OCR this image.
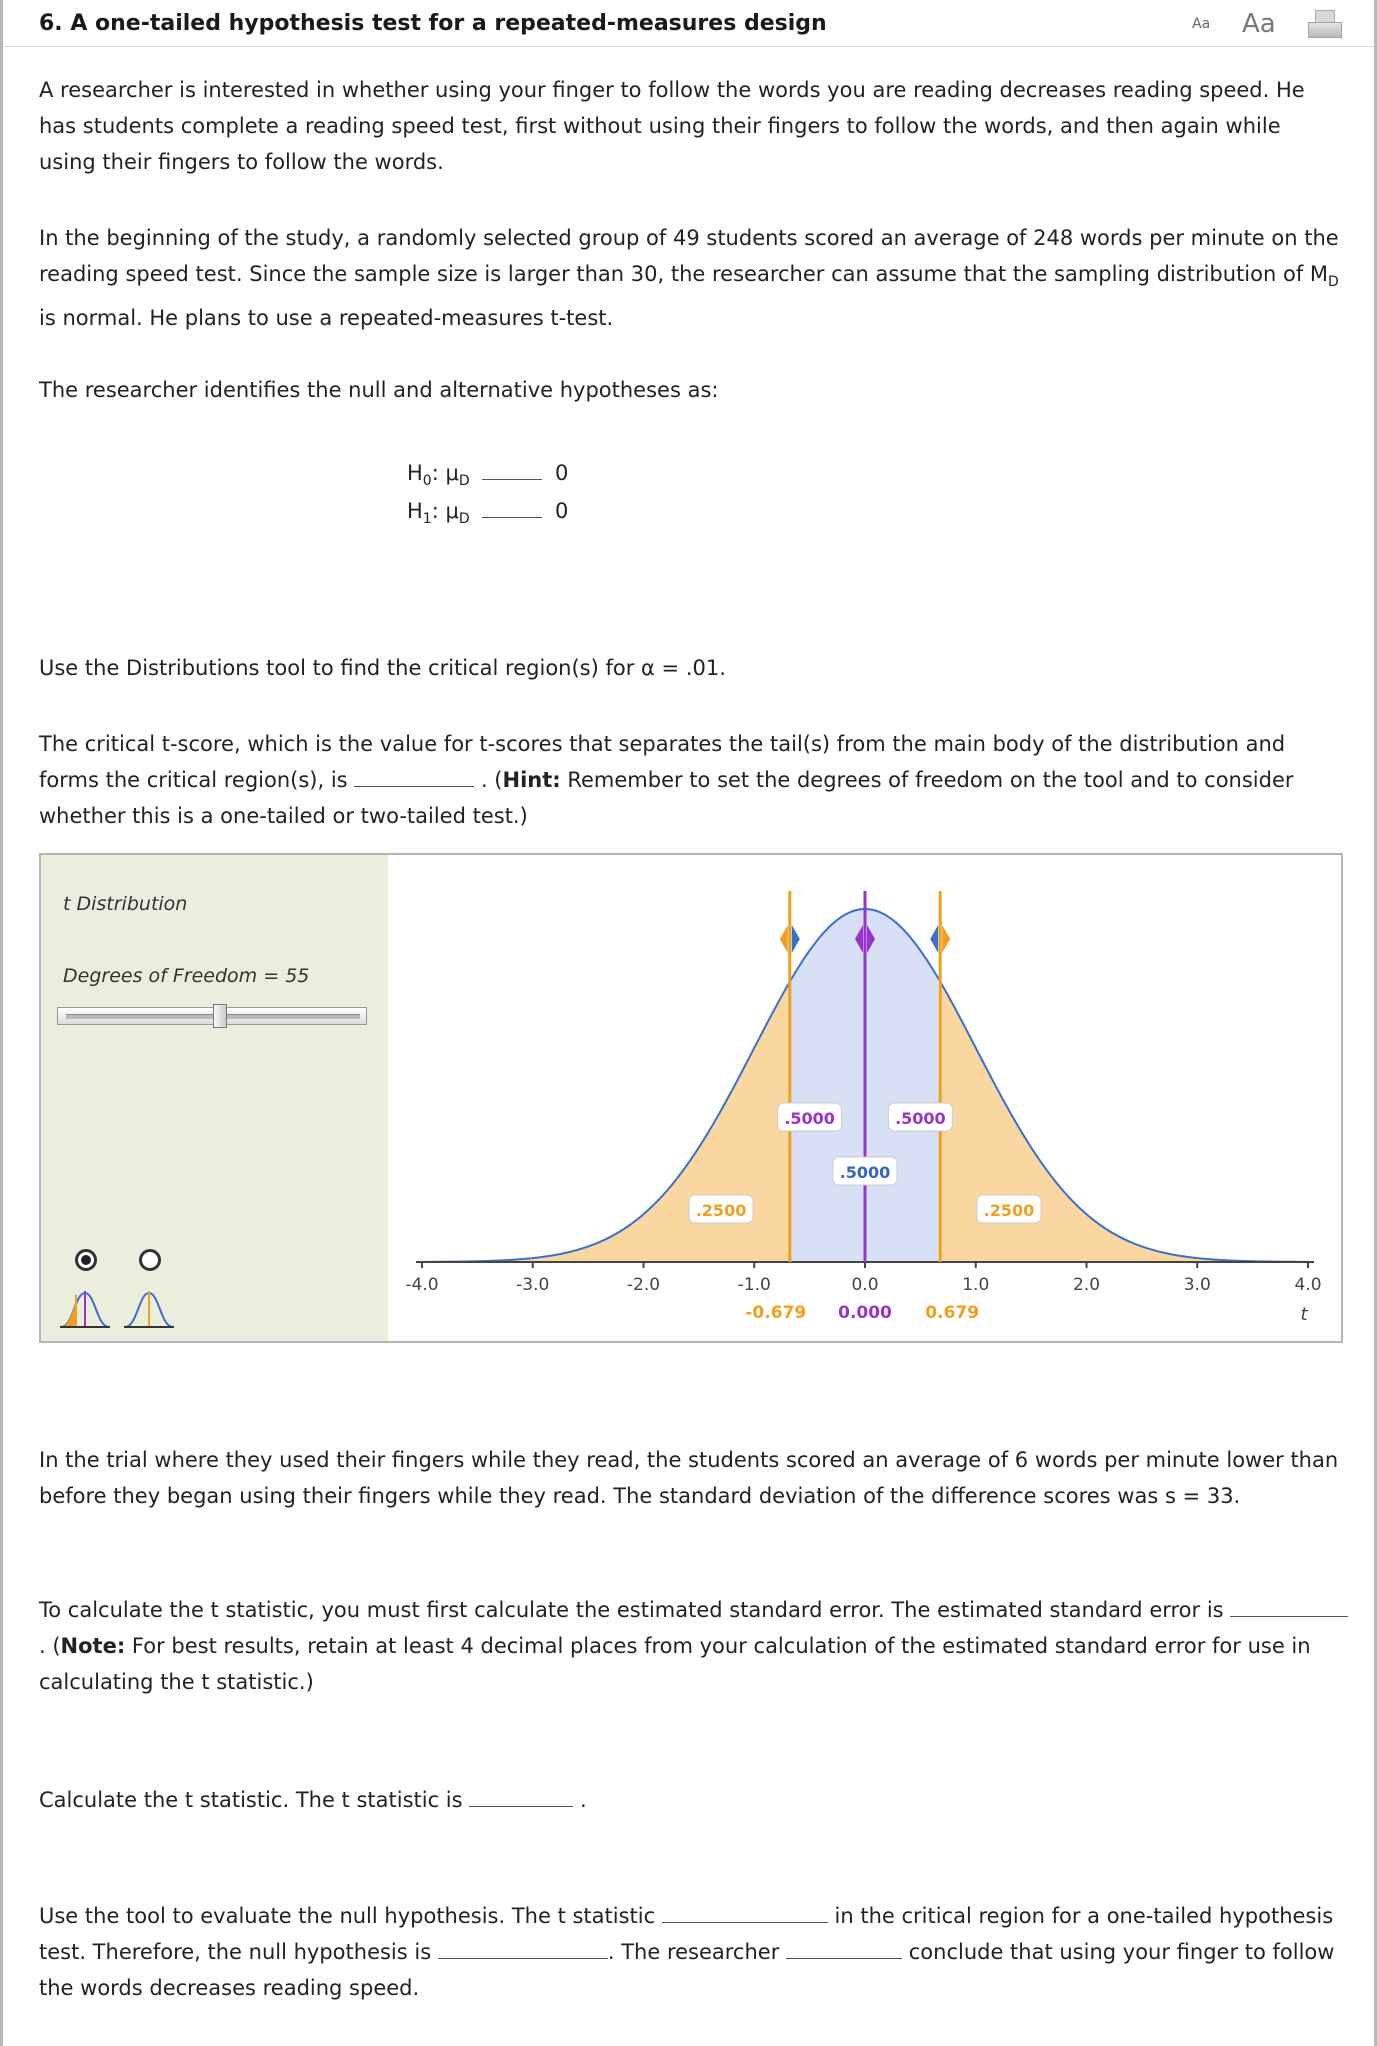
6. A one-tailed hypothesis test for a repeated-measures design	Aa Aa

A researcher is interested in whether using your finger to follow the words you are reading decreases reading speed. He has students complete a reading speed test, first without using their fingers to follow the words, and then again while using their fingers to follow the words.

In the beginning of the study, a randomly selected group of 49 students scored an average of 248 words per minute on the reading speed test. Since the sample size is larger than 30, the researcher can assume that the sampling distribution of $M_D$ is normal. He plans to use a repeated-measures t-test.

The researcher identifies the null and alternative hypotheses as:

$H_0$: $\mu_D$	0
$H_1$: $\mu_D$	0

Use the Distributions tool to find the critical region(s) for α = .01.

The critical t-score, which is the value for t-scores that separates the tail(s) from the main body of the distribution and forms the critical region(s), is	. (Hint: Remember to set the degrees of freedom on the tool and to consider whether this is a one-tailed or two-tailed test.)

t Distribution
Degrees of Freedom = 55
-4.0	-3.0	-2.0	-1.0	0.0	1.0	2.0	3.0	4.0
t
-0.679 0.000 0.679
.2500
.5000	.5000
.5000
.2500

In the trial where they used their fingers while they read, the students scored an average of 6 words per minute lower than before they began using their fingers while they read. The standard deviation of the difference scores was s = 33.

To calculate the t statistic, you must first calculate the estimated standard error. The estimated standard error is  . (Note: For best results, retain at least 4 decimal places from your calculation of the estimated standard error for use in calculating the t statistic.)

Calculate the t statistic. The t statistic is	.

Use the tool to evaluate the null hypothesis. The t statistic	in the critical region for a one-tailed hypothesis test. Therefore, the null hypothesis is	. The researcher	conclude that using your finger to follow the words decreases reading speed.
